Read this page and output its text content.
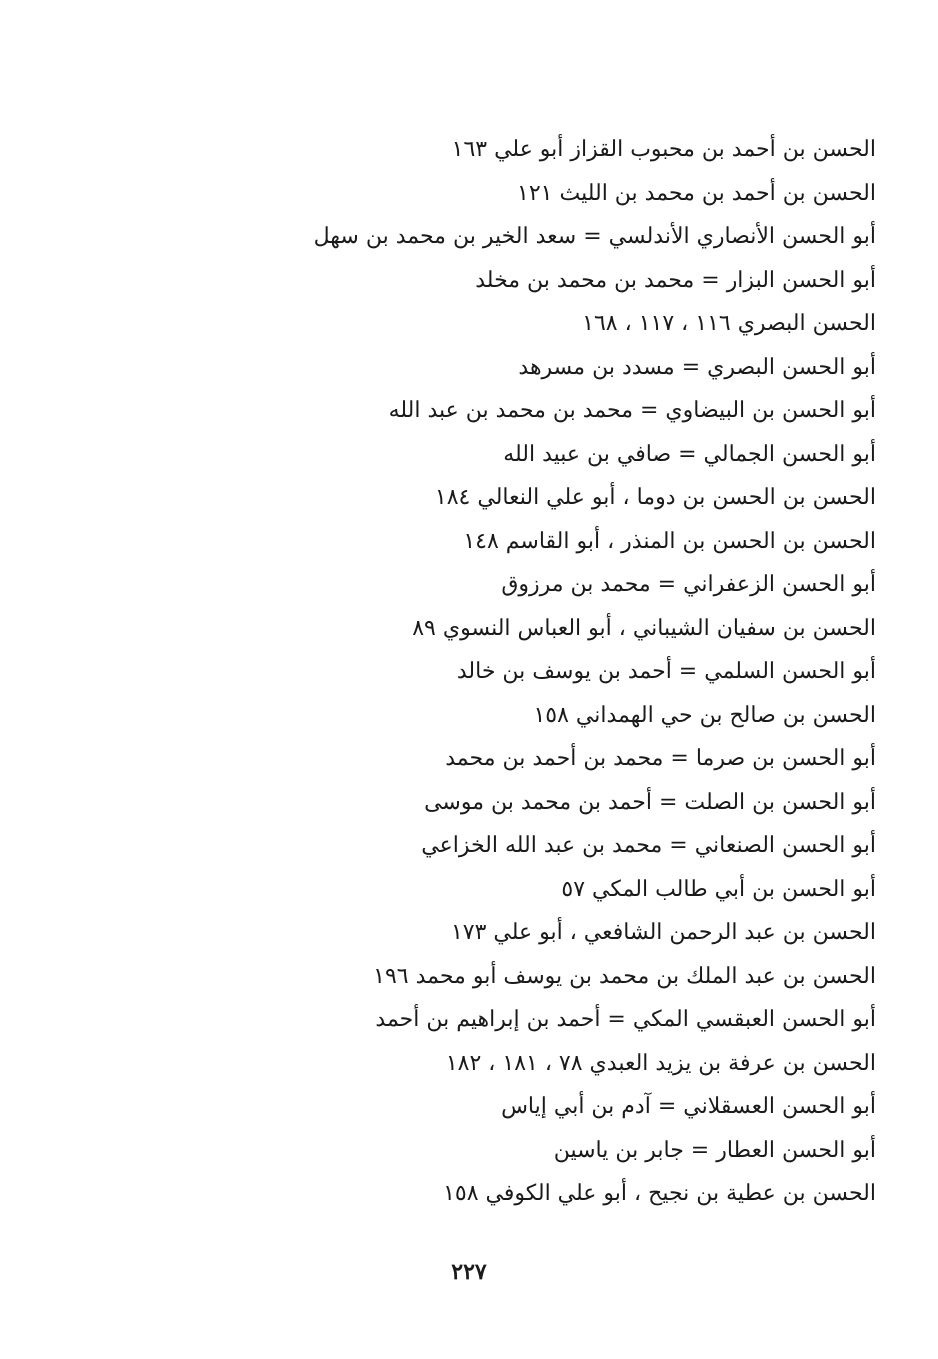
الحسن بن أحمد بن محبوب القزاز أبو علي ١٦٣
الحسن بن أحمد بن محمد بن الليث ١٢١
أبو الحسن الأنصاري الأندلسي = سعد الخير بن محمد بن سهل
أبو الحسن البزار = محمد بن محمد بن مخلد
الحسن البصري ١١٦ ، ١١٧ ، ١٦٨
أبو الحسن البصري = مسدد بن مسرهد
أبو الحسن بن البيضاوي = محمد بن محمد بن عبد الله
أبو الحسن الجمالي = صافي بن عبيد الله
الحسن بن الحسن بن دوما ، أبو علي النعالي ١٨٤
الحسن بن الحسن بن المنذر ، أبو القاسم ١٤٨
أبو الحسن الزعفراني = محمد بن مرزوق
الحسن بن سفيان الشيباني ، أبو العباس النسوي ٨٩
أبو الحسن السلمي = أحمد بن يوسف بن خالد
الحسن بن صالح بن حي الهمداني ١٥٨
أبو الحسن بن صرما = محمد بن أحمد بن محمد
أبو الحسن بن الصلت = أحمد بن محمد بن موسى
أبو الحسن الصنعاني = محمد بن عبد الله الخزاعي
أبو الحسن بن أبي طالب المكي ٥٧
الحسن بن عبد الرحمن الشافعي ، أبو علي ١٧٣
الحسن بن عبد الملك بن محمد بن يوسف أبو محمد ١٩٦
أبو الحسن العبقسي المكي = أحمد بن إبراهيم بن أحمد
الحسن بن عرفة بن يزيد العبدي ٧٨ ، ١٨١ ، ١٨٢
أبو الحسن العسقلاني = آدم بن أبي إياس
أبو الحسن العطار = جابر بن ياسين
الحسن بن عطية بن نجيح ، أبو علي الكوفي ١٥٨
٢٢٧
